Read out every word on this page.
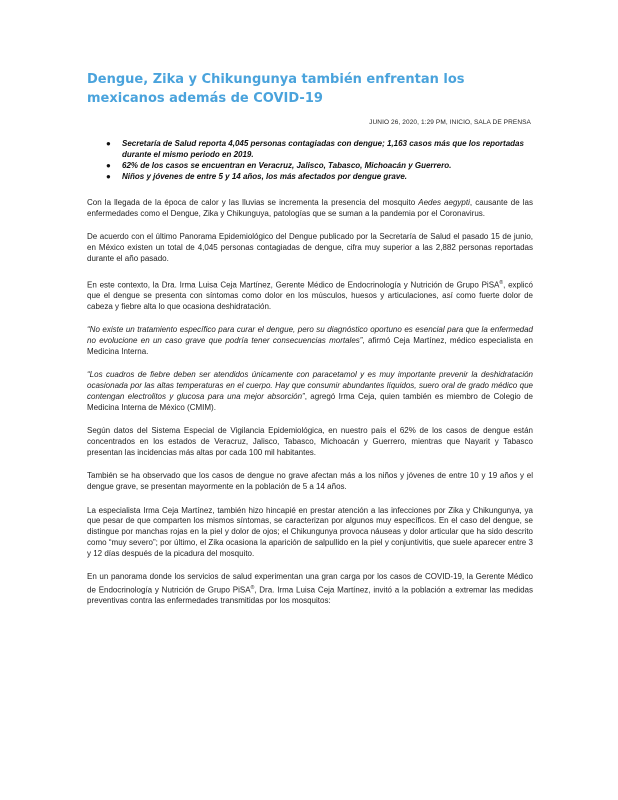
Dengue, Zika y Chikungunya también enfrentan los mexicanos además de COVID-19

JUNIO 26, 2020, 1:29 PM, INICIO, SALA DE PRENSA

● Secretaría de Salud reporta 4,045 personas contagiadas con dengue; 1,163 casos más que los reportadas durante el mismo periodo en 2019.
● 62% de los casos se encuentran en Veracruz, Jalisco, Tabasco, Michoacán y Guerrero.
● Niños y jóvenes de entre 5 y 14 años, los más afectados por dengue grave.

Con la llegada de la época de calor y las lluvias se incrementa la presencia del mosquito Aedes aegypti, causante de las enfermedades como el Dengue, Zika y Chikunguya, patologías que se suman a la pandemia por el Coronavirus.

De acuerdo con el último Panorama Epidemiológico del Dengue publicado por la Secretaría de Salud el pasado 15 de junio, en México existen un total de 4,045 personas contagiadas de dengue, cifra muy superior a las 2,882 personas reportadas durante el año pasado.

En este contexto, la Dra. Irma Luisa Ceja Martínez, Gerente Médico de Endocrinología y Nutrición de Grupo PiSA®, explicó que el dengue se presenta con síntomas como dolor en los músculos, huesos y articulaciones, así como fuerte dolor de cabeza y fiebre alta lo que ocasiona deshidratación.

“No existe un tratamiento específico para curar el dengue, pero su diagnóstico oportuno es esencial para que la enfermedad no evolucione en un caso grave que podría tener consecuencias mortales”, afirmó Ceja Martínez, médico especialista en Medicina Interna.

“Los cuadros de fiebre deben ser atendidos únicamente con paracetamol y es muy importante prevenir la deshidratación ocasionada por las altas temperaturas en el cuerpo. Hay que consumir abundantes líquidos, suero oral de grado médico que contengan electrolitos y glucosa para una mejor absorción”, agregó Irma Ceja, quien también es miembro de Colegio de Medicina Interna de México (CMIM).

Según datos del Sistema Especial de Vigilancia Epidemiológica, en nuestro país el 62% de los casos de dengue están concentrados en los estados de Veracruz, Jalisco, Tabasco, Michoacán y Guerrero, mientras que Nayarit y Tabasco presentan las incidencias más altas por cada 100 mil habitantes.

También se ha observado que los casos de dengue no grave afectan más a los niños y jóvenes de entre 10 y 19 años y el dengue grave, se presentan mayormente en la población de 5 a 14 años.

La especialista Irma Ceja Martínez, también hizo hincapié en prestar atención a las infecciones por Zika y Chikungunya, ya que pesar de que comparten los mismos síntomas, se caracterizan por algunos muy específicos. En el caso del dengue, se distingue por manchas rojas en la piel y dolor de ojos; el Chikungunya provoca náuseas y dolor articular que ha sido descrito como “muy severo”; por último, el Zika ocasiona la aparición de salpullido en la piel y conjuntivitis, que suele aparecer entre 3 y 12 días después de la picadura del mosquito.

En un panorama donde los servicios de salud experimentan una gran carga por los casos de COVID-19, la Gerente Médico de Endocrinología y Nutrición de Grupo PiSA®, Dra. Irma Luisa Ceja Martínez, invitó a la población a extremar las medidas preventivas contra las enfermedades transmitidas por los mosquitos:
